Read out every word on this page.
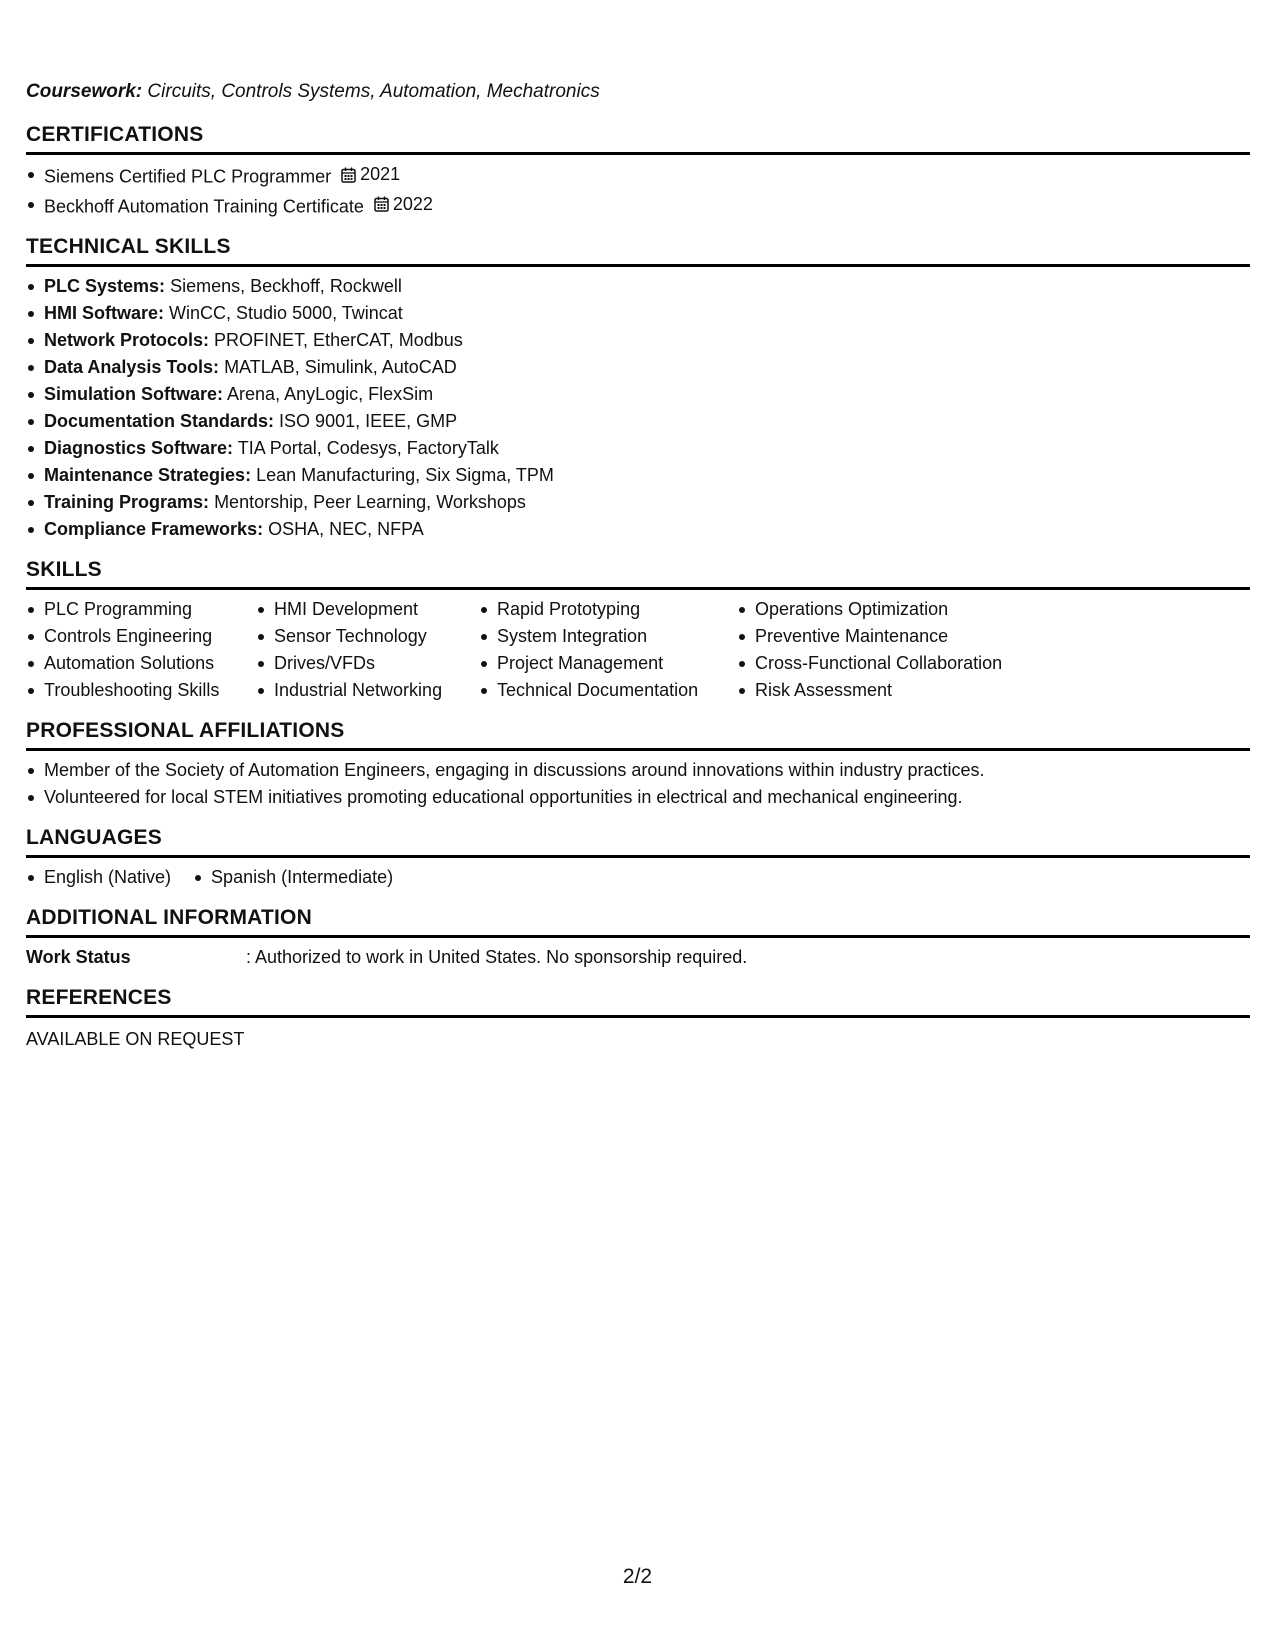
Coursework: Circuits, Controls Systems, Automation, Mechatronics

CERTIFICATIONS
Siemens Certified PLC Programmer 2021
Beckhoff Automation Training Certificate 2022
TECHNICAL SKILLS
PLC Systems: Siemens, Beckhoff, Rockwell
HMI Software: WinCC, Studio 5000, Twincat
Network Protocols: PROFINET, EtherCAT, Modbus
Data Analysis Tools: MATLAB, Simulink, AutoCAD
Simulation Software: Arena, AnyLogic, FlexSim
Documentation Standards: ISO 9001, IEEE, GMP
Diagnostics Software: TIA Portal, Codesys, FactoryTalk
Maintenance Strategies: Lean Manufacturing, Six Sigma, TPM
Training Programs: Mentorship, Peer Learning, Workshops
Compliance Frameworks: OSHA, NEC, NFPA
SKILLS
PLC Programming
Controls Engineering
Automation Solutions
Troubleshooting Skills
HMI Development
Sensor Technology
Drives/VFDs
Industrial Networking
Rapid Prototyping
System Integration
Project Management
Technical Documentation
Operations Optimization
Preventive Maintenance
Cross-Functional Collaboration
Risk Assessment
PROFESSIONAL AFFILIATIONS
Member of the Society of Automation Engineers, engaging in discussions around innovations within industry practices.
Volunteered for local STEM initiatives promoting educational opportunities in electrical and mechanical engineering.
LANGUAGES
English (Native)	Spanish (Intermediate)
ADDITIONAL INFORMATION
Work Status	: Authorized to work in United States. No sponsorship required.
REFERENCES
AVAILABLE ON REQUEST
2/2
